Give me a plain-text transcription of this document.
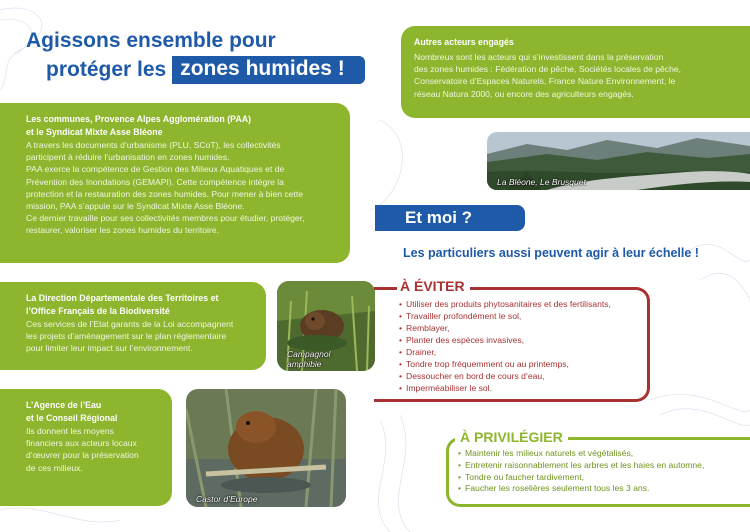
Agissons ensemble pour
protéger les zones humides !
Les communes, Provence Alpes Agglomération (PAA)
et le Syndicat Mixte Asse Bléone
A travers les documents d’urbanisme (PLU, SCoT), les collectivités
participent à réduire l’urbanisation en zones humides.
PAA exerce la compétence de Gestion des Milieux Aquatiques et de
Prévention des Inondations (GEMAPI). Cette compétence intègre la
protection et la restauration des zones humides. Pour mener à bien cette
mission, PAA s’appuie sur le Syndicat Mixte Asse Bléone.
Ce dernier travaille pour ses collectivités membres pour étudier, protéger,
restaurer, valoriser les zones humides du territoire.
La Direction Départementale des Territoires et
l’Office Français de la Biodiversité
Ces services de l’Etat garants de la Loi accompagnent
les projets d’aménagement sur le plan réglementaire
pour limiter leur impact sur l’environnement.
L’Agence de l’Eau
et le Conseil Régional
Ils donnent les moyens
financiers aux acteurs locaux
d’œuvrer pour la préservation
de ces milieux.
Autres acteurs engagés
Nombreux sont les acteurs qui s’investissent dans la préservation
des zones humides : Fédération de pêche, Sociétés locales de pêche,
Conservatoire d’Espaces Naturels, France Nature Environnement, le
réseau Natura 2000, ou encore des agriculteurs engagés.
La Bléone, Le Brusquet
Campagnol
amphibie
Castor d’Europe
Et moi ?
Les particuliers aussi peuvent agir à leur échelle !
À ÉVITER
• Utiliser des produits phytosanitaires et des fertilisants,
• Travailler profondément le sol,
• Remblayer,
• Planter des espèces invasives,
• Drainer,
• Tondre trop fréquemment ou au printemps,
• Dessoucher en bord de cours d’eau,
• Imperméabiliser le sol.
À PRIVILÉGIER
• Maintenir les milieux naturels et végétalisés,
• Entretenir raisonnablement les arbres et les haies en automne,
• Tondre ou faucher tardivement,
• Faucher les roselières seulement tous les 3 ans.
